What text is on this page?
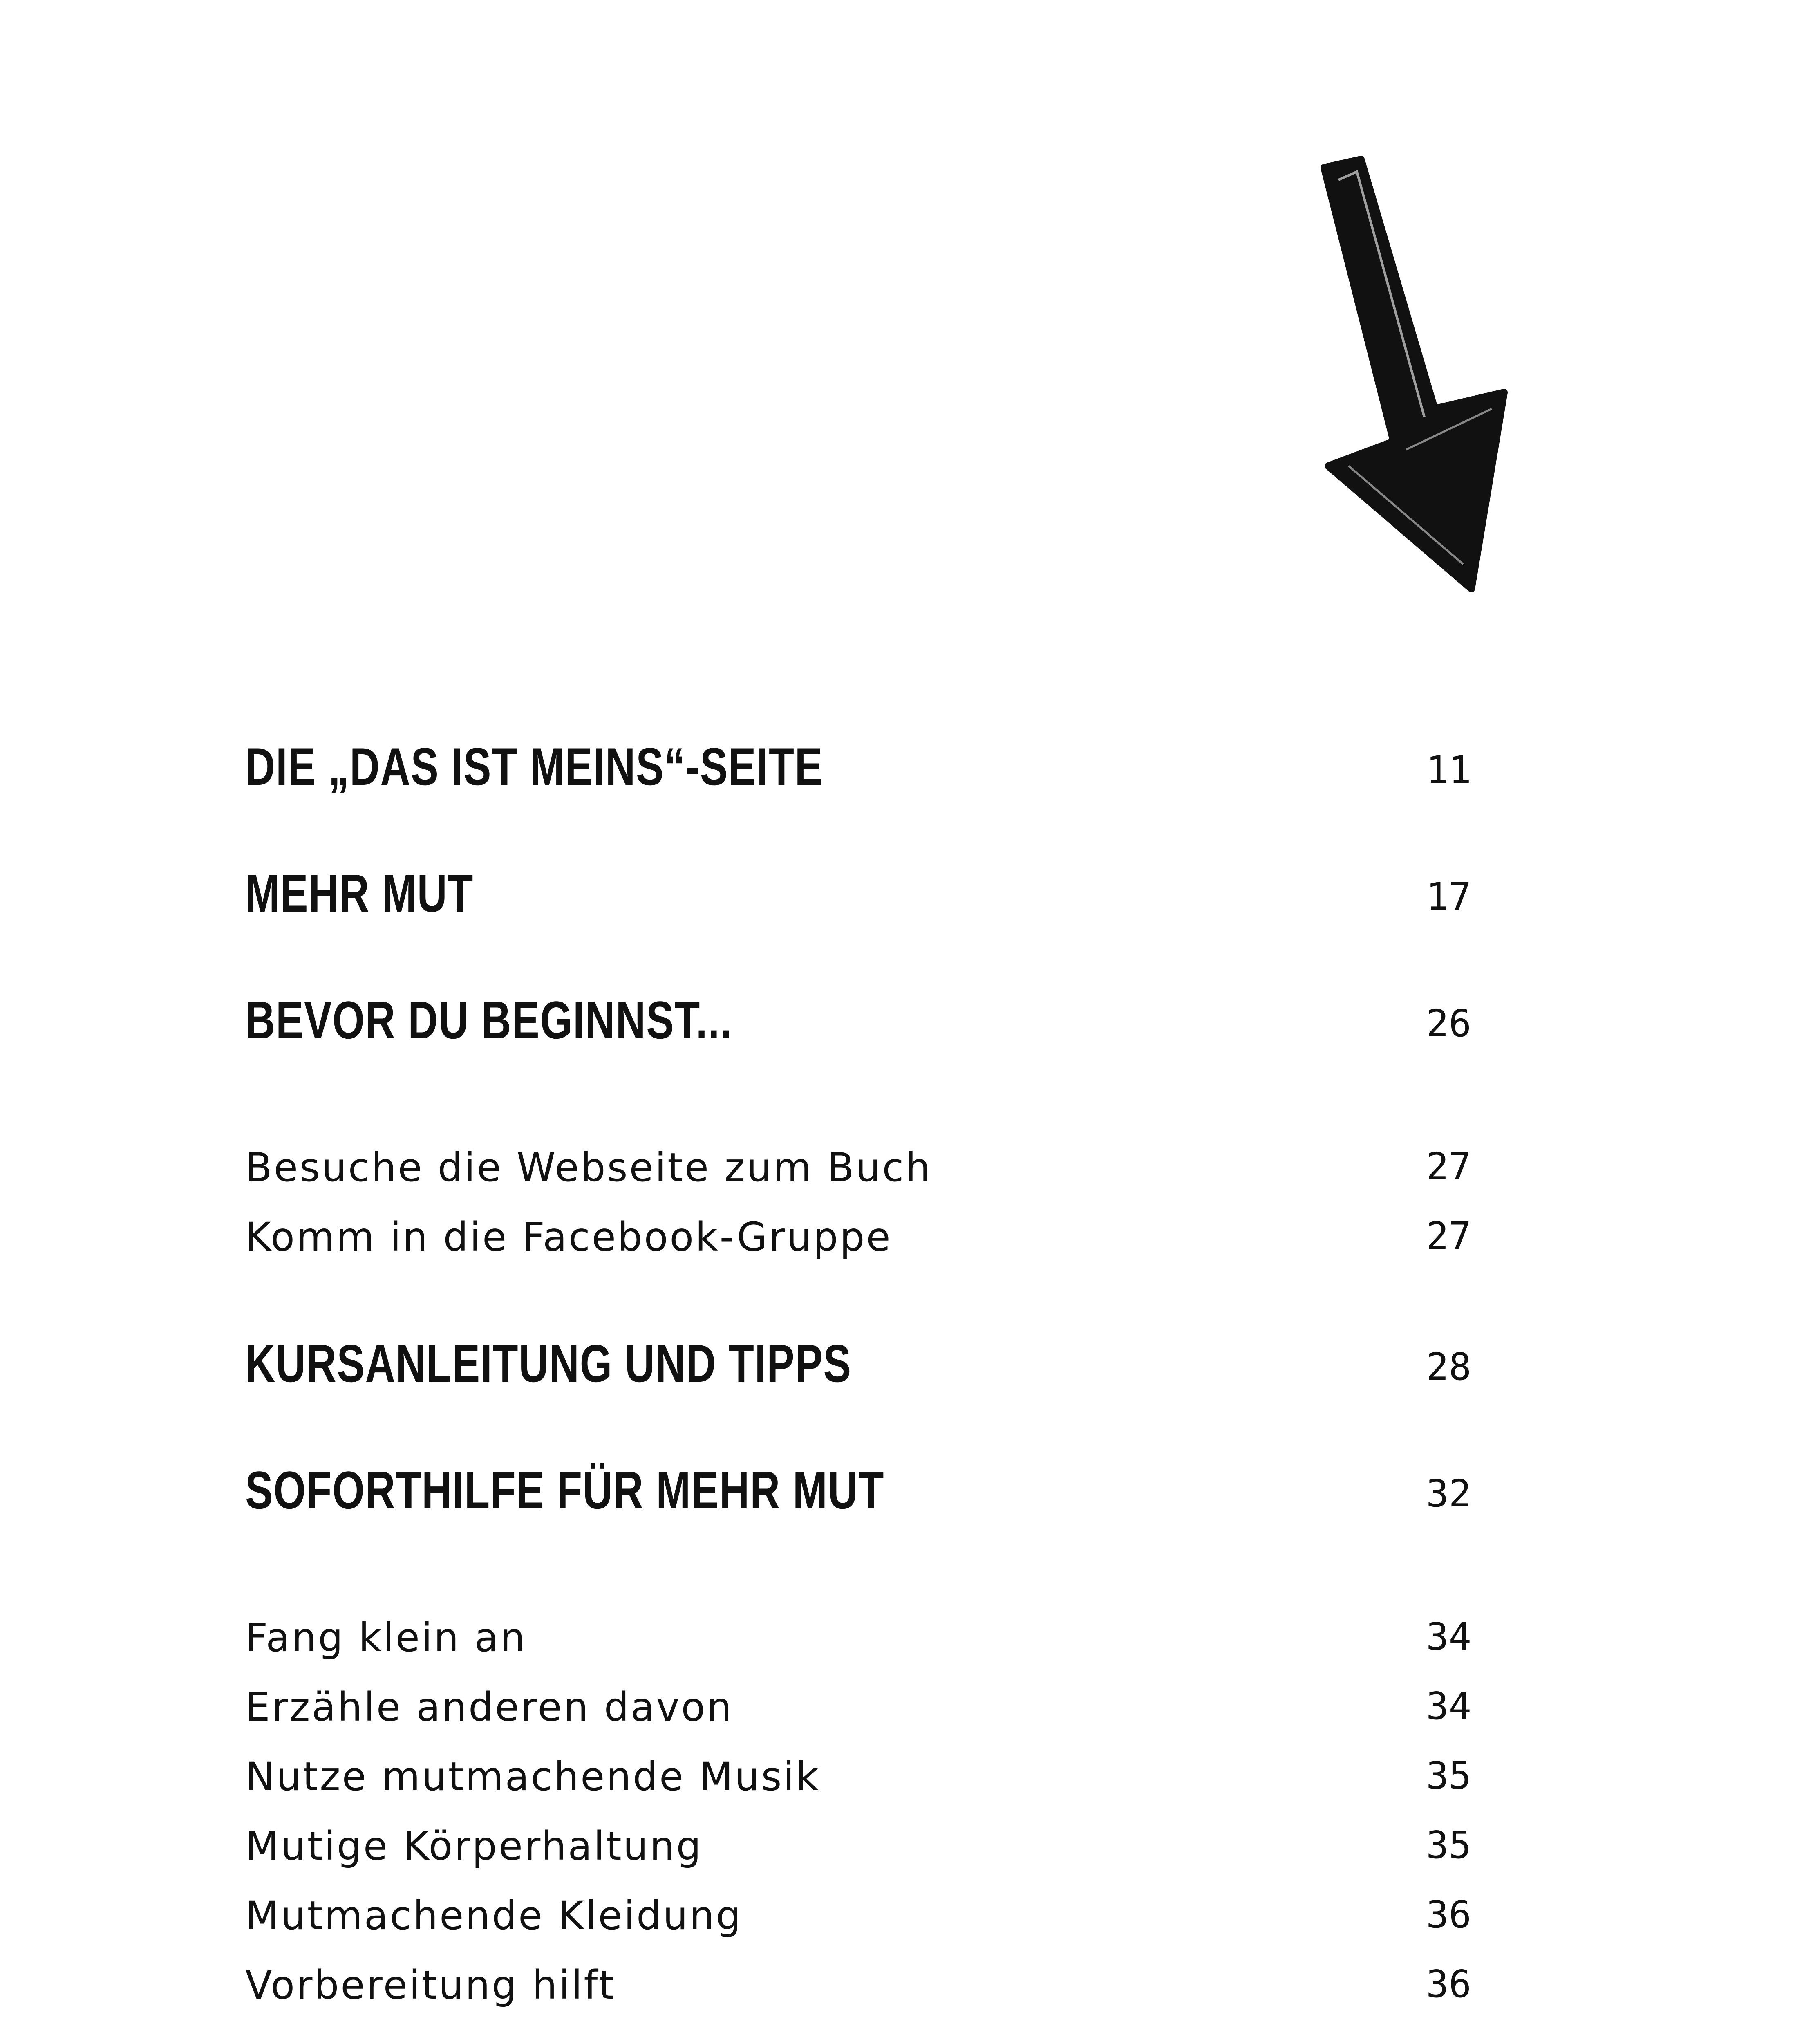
DIE „DAS IST MEINS“-SEITE	11
MEHR MUT	17
BEVOR DU BEGINNST...	26
Besuche die Webseite zum Buch	27
Komm in die Facebook-Gruppe	27
KURSANLEITUNG UND TIPPS	28
SOFORTHILFE FÜR MEHR MUT	32
Fang klein an	34
Erzähle anderen davon	34
Nutze mutmachende Musik	35
Mutige Körperhaltung	35
Mutmachende Kleidung	36
Vorbereitung hilft	36
